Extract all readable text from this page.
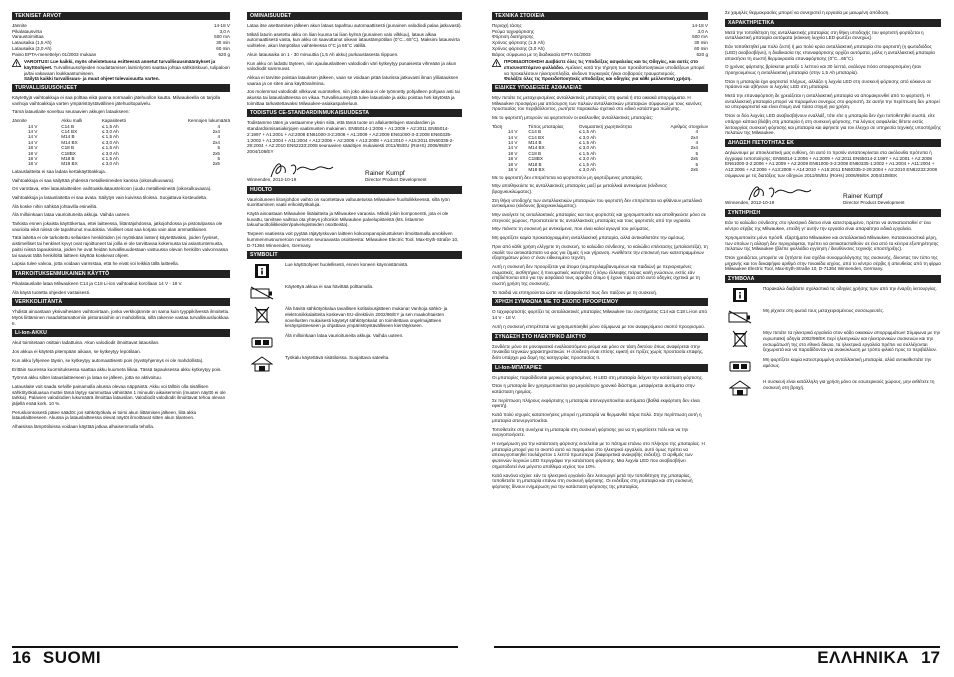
TEKNISET ARVOT
Jännite	14-18 V
Pikalatausvirta	3,0 A
Varaustoimittaa	500 mA
Latausaika (1,5 Ah)	30 min
Latausaika (3,0 Ah)	60 min
Paino EPTA-menettelyn 01/2003 mukaan	620 g
VAROITUS! Lue kaikki, myös oheistetussa esitteessä annetut turvallisuusmääräykset ja käyttöohjeet. Turvallisuusohjeiden noudattamisen laiminlyönti saattaa johtaa sähköiskuun, tulipaloon ja/tai vakavaan loukkaantumiseen.
Säilytä kaikki turvallisuus- ja muut ohjeet tulevaisuutta varten.
TURVALLISUUSOHJEET

Käytettyjä vaihtoakkuja ei saa polttaa eikä panna normaalin jätehuollon kautta. Milwaukeella on tarjolla vanhoja vaihtoakkuja varten ympäristöystävällinen jätehuoltopalvelu.

Tämä latauslaite soveltuu seuraavien akkujen lataukseen:

Jännite	Akku malli	Kapasiteetti	Kennojen lukumäärä
14 V	C14 B	≤ 1,5 Ah	4
14 V	C14 BX	≤ 3,0 Ah	2x4
14 V	M14 B	≤ 1,5 Ah	4
14 V	M14 BX	≤ 3,0 Ah	2x4
18 V	C18 B	≤ 1,5 Ah	5
18 V	C18BX	≤ 3,0 Ah	2x5
18 V	M18 B	≤ 1,5 Ah	5
18 V	M18 BX	≤ 3,0 Ah	2x5

Latauslaitteita ei saa ladata kertakäyttöakkuja.

Vaihtoakkuja ei saa säilyttää yhdessä metalliesineiden kanssa (oikosulkuvaara).

On varottava, ettei latauslaitteiden vaihtoakkulataustelcoon (uudu metalliesineitä (oikosulkuvaara).

Vaihtoakkuja ja latauslaitetta ei saa avata. Säilytys vain kuivissa tiloissa. Suojattava kosteudelta.

Älä koske nihin sähköä johtavilla esineillä.

Älä milloinkaan lataa vaurioituneita akkuja. Vaihda uuteen.

Tarkista ennen jokaista käyttökertaa, ettei laitteessa, liitäntäjohdossa, jatkojohdossa ja pistotulpassa ole vaurioita eikä niissä ole tapahtunut muutoksia. Vialliset osat saa korjata vain alan ammattilainen.

Tätä laitetta ei ole tarkoitettu sellaisten henkilöiden (ei myöskään lasten) käytettäväksi, joiden fyysiset, aistimelliset tai henkiset kyvyt ovat rajoittuneet tai joilla ei ole tarvittavaa kokemusta tai asiantuntemusta, paitsi niissä tapauksissa, joiden he ovat heidän turvallisuudestaan vastuussa olevan henkilön valvonnassa tai saavat tältä henkilöltä laitteen käyttöä koskevat ohjeet.

Lapsia tulee valvoa, jotta voidaan varmistaa, että he eivät voi leikkiä tällä laitteella.

TARKOITUKSENMUKAINEN KÄYTTÖ

Pikalatauslaite lataa Milwaukeen C14 ja C18 Li-ion vaihtoakut korollaan 14 V - 18 V.

Älä käytä tuotetta ohjeiden vastaisesti.

VERKKOLIITÄNTÄ

Yhdistä ainoastaan yksivaihesäen vaihtovirtaan, jonka verkkojännite on sama kuin tyyppikilvessä ilmoitettu. Myös liittäminen maadoittamattomiin pistorasioihin on mahdollista, sillä rakenne vastaa turvallisuusluokkaa II.

Li-ion-AKKU

Akut toimitetaan osittain ladattuina. Akun valodiodit ilmoittavat latausilan.

Jos akkua ei käytetä pitempään aikaan, se kytkeytyy lepotilaan.

Kun akku lyhjenee täysin, se kytkeytyy automaattisesti pois (syvätyhjennys ei ole mahdollista).

Erittäin suuressa kuormituksessa saattaa akku kuumeta liikaa. Tässä tapauksessa akku kytkeytyy pois.

Työnnä akku silten latauslaitteeseen ja lataa se jälleen, jotta se aktivoituu.

Latauslaite voit saada selville painamalla akussa olevaa näppäintä. Akku voi tällöin olla sisällisen sähkötyökaluasua muttei tämä läytyy sammuttaa vähintään 1 minuutin aikaisemmin (muuten näyttö ei ole tarkka). Palavien valodiodien lukumäärä ilmoittaa latausilan. Valodiodit valodiodit ilmoittavat tehoa olevan jäljellä enää kork. 10 %.

Perusluontoisesti pätee säädöt: jos sähkötyökalu ei toimi akun liittämisen jälkeen, liitä akku latauslaitteeseen. Akussa ja latauslaitteessa olevat näytöt ilmoittavat sitten akun tilanteen.

Alhaisissa lämpötiloissa voidaan käyttää jatkaa alhaisemmalla teholla.

OMINAISUUDET

Lataa itse asettamisen jälkeen akun lataus tapahtuu automaattisesti (punainen valodiodi palaa jatkuvasti).

Mikäli laturin asetettu akku on liian kuuma tai liian kylmä (punainen valo vilkkuu), lataus alkaa automaattisesti vasta, kun akku on saavuttanut oikean lataustämpötilan (0°C...65°C). Maksimi latausvirta vaihtelee, akun lämpötilan vaihteleessa 0°C ja 65°C välillä.

Akun latausaika on 1 - 30 minuuttia (1,5 Ah akku) purkaustasesta riippuen.

Kun akku on ladattu täyteen, niin ajaulauslaitteen valodiodin väri kytkeytyy punaisesta vihreään ja akun valodiodit sammuvat.

Akkua ei tarvitse poistaa latauksen jälkeen, vaan se voidaan pitää laturissa jatkuvasti ilman yliliatauksen vaaraa ja on siten aina käyttövalmiina.

Jos molemmat valodiodit vilkkuvat vuorotellen, niin joko akkua ei ole työnnetty pohjalleen pohjaan asti tai akussa tai latauslaitteessa on vikaa. Turvallisuussyistä tulee latauslaite ja akku poistaa heti käytöstä ja toimittaa tarkastettavaksi Milwaukee-asiakaspalveluun.

TODISTUS CE-STANDARDINMUKAISUUDESTA

Todistamme täten ja vastaamme yksin siitä, että tämä tuote on allaluetteltujen standardien ja standardoimisasiakirjojen vaatimusten mukainen. EN55014-1:2006 + A1:2009 + A2:2011 EN55014-2:1997 + A1:2001 + A2:2008 EN61000-3-2:2006 + A1:2009 + A2:2009 EN61000-3-3:2008 EN60335-1:2002 + A1:2004 + A11:2004 + A12:2006 + A2:2006 + A13:2008 + A14:2010 + A15:2011 EN60335-2-29:2004 + A2:2010 EN62233:2008 seuraavien säädöjen mukaisesti 2011/65/EU (RoHS) 2006/95/EY 2004/108/EY

Rainer Kumpf
Director Product Development
Winnenden, 2012-10-19
HUOLTO

Vaurioituneen liitosjohdon vaihto on suoritettava valtuutetussa Milwaukee huoltoliikkeessä, sillä työn suorittaminen vaatii erikoistyökaluja.

Käytä ainoastaan Milwaukee lisälaitteita ja Milwaukee varaosia. Mikäli jokin komponentti, jota ei ole kuvattu, tarvitsee vaihtoa ota yhteys johonkin Milwaukee palvelupisteistä (kts. listamme takuuhuoltoliikkeiden/palvelupisteiden osoitteista).

Tarpeen vaatiessa voit pyytää räjäytyskuvan laitteen kokoonpanopiirustuksen ilmoittamalla arvokilven kummenmusnumeroon numeron seuraavasta osoitteesta: Milwaukee Electric Tool, Max-Eyth-Straße 10, D-71364 Winnenden, Germany.

SYMBOLIT
Lue käyttöohjeet huolellisesti, ennen koneen käynnistämistä.
Käytettyä akkua ei saa hävittää polttamalla.
Älä hävitä sähkötyökalua tavallisen kotitalousjätteen mukana! Vanhoja sähkö- ja elektroniikkalaitteita koskevan EU-direktiivin 2002/96/EY ja sen maakohtaisten sovellusten mukaisesti käytetyt sähkötyökalut on toimitettava ongelmajätteen keräyspisteeseen ja ohjattava ympäristöystävälliseen kierrätykseen.
Älä milloinkaan lataa vaurioituneita akkuja. Vaihda uuteen.
Työkalu käytettävä sisätiloissa. Suojattava sateelta.
ΤΕΧΝΙΚΑ ΣΤΟΙΧΕΙΑ
Περιοχή τάσης	14-18 V
Ρεύμα ταχυφόρτισης	3,0 A
Φόρτιση διατήρησης	500 mA
Χρόνος φόρτισης (1,5 Ah)	30 min
Χρόνος φόρτισης (3,0 Ah)	60 min
Βάρος σύμφωνα με τη διαδικασία EPTA 01/2003	620 g
ΠΡΟΕΙΔΟΠΟΙΗΣΗ! Διαβάστε όλες τις Υποδείξεις ασφαλείας και τις Οδηγίες, και αυτές στο επισυναπτόμενο φυλλάδιο. Αμέλειες κατά την τήρηση των προειδοποιητικών υποδείξεων μπορεί να προκαλέσουν ηλεκτροπληξία, κίνδυνο πυρκαγιάς ή/και σοβαρούς τραυματισμούς.
Φυλάξτε όλες τις προειδοποιητικές υποδείξεις και οδηγίες για κάθε μελλοντική χρήση.
ΕΙΔΙΚΕΣ ΥΠΟΔΕΙΞΕΙΣ ΑΣΦΑΛΕΙΑΣ

Μην πετάτε τις μεταχειρισμένες ανταλλακτικές μπαταρίες στη φωτιά ή στα οικιακά απορρίμματα. Η Milwaukee προσφέρει μια απόσυρση των παλιών ανταλλακτικών μπαταριών σύμφωνα με τους κανόνες προστασίας του περιβάλλοντος, ρωτήστε παρακαλώ σχετικά στο ειδικό κατάστημα πώλησης.

Με το φορτιστή μπορούν να φορτιστούν οι ακόλουθες ανταλλακτικές μπαταρίες:

Τάση	Τύπος μπαταρίας	Ονομαστική χωρητικότητα	Αριθμός στοιχείων
14 V	C14 B	≤ 1,5 Ah	4
14 V	C14 BX	≤ 3,0 Ah	2x4
14 V	M14 B	≤ 1,5 Ah	4
14 V	M14 BX	≤ 3,0 Ah	2x4
18 V	C18 B	≤ 1,5 Ah	5
18 V	C18BX	≤ 3,0 Ah	2x5
18 V	M18 B	≤ 1,5 Ah	5
18 V	M18 BX	≤ 3,0 Ah	2x5

Με το φορτιστή δεν επιτρέπεται να φορτιστούν μη φορτιζόμενες μπαταρίες.

Μην αποθηκεύετε τις ανταλλακτικές μπαταρίες μαζί με μεταλλικά αντικείμενα (κίνδυνος βραχυκυκλώματος).

Στη θήκη υποδοχής των ανταλλακτικών μπαταριών του φορτιστή δεν επιτρέπεται να φθάνουν μεταλλικά αντικείμενα (κίνδυνος βραχυκυκλώματος).

Μην ανοίγετε τις ανταλλακτικές μπαταρίες και τους φορτιστές και χρησιμοποιείτε και αποθηκεύετε μόνο σε στεγνούς χώρους. Προστατεύετε τις ανταλλακτικές μπαταρίες και τους φορτιστές από την υγρασία.

Μην πιάνετε τη συσκευή με αντικείμενα, που είναι καλοί αγωγοί του ρεύματος.

Μη φορτίζετε καμία προκαταγραμμένη ανταλλακτική μπαταρία, αλλά αντικαθιστάτε την αμέσως.

Πριν από κάθε χρήση ελέγχετε τη συσκευή, το καλώδιο σύνδεσης, το καλώδιο επέκτασης (μπαλαντέζα), τη σκαλίτ του αντικατάστατο να φας για ζημιές ή και γήρανση. Αναθέτετε την επισκευή των κατεστραμμένων εξαρτημάτων μόνο σ' έναν ειδικευμένο τεχνίτη.

Αυτή η συσκευή δεν προορίζεται για άτομα (συμπεριλαμβανομένων και παιδιών) με περιορισμένες σωματικές, αισθητήριες ή πνευματικές ικανότητες ή λόγω έλλειψης πείρας και/ή γνώσεων, εκτός εάν επιβλέπονται από για την ασφάλειά τους αρμόδιο άτομο ή έχουν πάρει από αυτό οδηγίες σχετικά με τη σωστή χρήση της συσκευής.

Τα παιδιά να επιτηρούνται ώστε να εξασφαλιστεί πως δεν παίζουν με τη συσκευή.

ΧΡΗΣΗ ΣΥΜΦΩΝΑ ΜΕ ΤΟ ΣΚΟΠΟ ΠΡΟΟΡΙΣΜΟΥ

Ο ταχυφορτιστής φορτίζει τις ανταλλακτικές μπαταρίες Milwaukee του συστήματος C14 και C18 Li-ion από 14 V - 18 V.

Αυτή η συσκευή επιτρέπεται να χρησιμοποιηθεί μόνο σύμφωνα με τον αναφερόμενο σκοπό προορισμού.

ΣΥΝΔΕΣΗ ΣΤΟ ΗΛΕΚΤΡΙΚΟ ΔΙΚΤΥΟ

Συνδέετε μόνο σε μονοφασικό εναλλασσόμενο ρεύμα και μόνο σε τάση δικτύου όπως αναφέρεται στην πινακίδα τεχνικών χαρακτηριστικών. Η σύνδεση είναι επίσης εφικτή σε πρίζες χωρίς προστασία επαφής, διότι υπάρχει μια δομή της κατηγορίας προστασίας II.

Li-Ion-ΜΠΑΤΑΡΙΕΣ

Οι μπαταρίες παραδίδονται μερικώς φορτισμένες. Η LED στη μπαταρία δείχνει την κατάσταση φόρτισης.

Όταν η μπαταρία δεν χρησιμοποιείται για μεγαλύτερο χρονικό διάστημα, μεταφέρεται αυτόματα στην κατάσταση ηρεμίας.

Σε περίπτωση πλήρους εκφόρτισης η μπαταρία απενεργοποιείται αυτόματα (βαθιά εκφόρτιση δεν είναι εφικτή).

Κατά πολύ ισχυρές καταπονήσεις μπορεί η μπαταρία να θερμανθεί πάρα πολύ. Στην περίπτωση αυτή η μπαταρία απενεργοποιείται.

Τοποθετείτε στη συνέχεια τη μπαταρία στη συσκευή φόρτισης για να τη φορτίσετε πάλι και να την ενεργοποιήσετε.

Η ενημέρωση για την κατάσταση φόρτισης εκτελείται με το πάτημα επάνω στο πλήκτρο της μπαταρίας. Η μπαταρία μπορεί για το σκοπό αυτό να παραμείνει στο ηλεκτρικό εργαλείο, αυτό όμως πρέπει να απενεργοποιηθεί τουλάχιστον 1 λεπτό πρωτύτερα (διαφορετικά ανακριβής ένδειξη). Ο αριθμός των φωτεινών λυχνιών LED περιγράφει την κατάσταση φόρτισης. Μια λυχνία LED που αναβοσβήνει σηματοδοτεί ένα μέγιστο απόθεμα ισχύος του 10%.

Κατά κανόνα ισχύει: εάν το ηλεκτρικό εργαλείο δεν λειτουργεί μετά την τοποθέτηση της μπαταρίας, τοποθετείτε τη μπαταρία επάνω στη συσκευή φόρτισης. Οι ενδείξεις στη μπαταρία και στη συσκευή φόρτισης δίνουν ενημέρωση για την κατάσταση φόρτισης της μπαταρίας.

Σε χαμηλές θερμοκρασίες μπορεί να συνεχιστεί η εργασία με μειωμένη απόδοση.

ΧΑΡΑΚΤΗΡΙΣΤΙΚΑ

Μετά την τοποθέτηση της ανταλλακτικής μπαταρίας στη θήκη υποδοχής του φορτιστή φορτίζεται η ανταλλακτική μπαταρία αυτόματα (κόκκινη λυχνία LED φωτίζει συνεχώς).

Εάν τοποθετηθεί μια πολύ ζεστή ή μια πολύ κρύα ανταλλακτική μπαταρία στο φορτιστή (η φωτοδιόδος (LED) αναβοσβήνει), η διαδικασία της επαναφόρτισης αρχίζει αυτόματα, μόλις η ανταλλακτική μπαταρία αποκτήσει τη σωστή θερμοκρασία επαναφόρτισης (0°C...65°C).

Ο χρόνος φόρτισης βρίσκεται μεταξύ 1 λεπτού και 30 λεπτά, ανάλογα πόσο αποφορτισμένη ήταν προηγουμένως η ανταλλακτική μπαταρία (στην 1,5 Ah μπαταρία).

Όταν η μπαταρία έχει φορτιστεί πλήρως, αλλάζει η λυχνία LED στη συσκευή φόρτισης από κόκκινο σε πράσινο και σβήνουν οι λυχνίες LED στη μπαταρία.

Μετά την επαναφόρτιση δε χρειάζεται η ανταλλακτική μπαταρία να απομακρυνθεί από το φορτιστή. Η ανταλλακτική μπαταρία μπορεί να παραμείνει συνεχώς στο φορτιστή. Σε αυτήν την περίπτωση δεν μπορεί να υπερφορτιστεί και είναι έτοιμη ανά πάσα στιγμή για χρήση.

Όταν οι δύο λυχνίες LED αναβοσβήνουν εναλλάξ, τότε είτε η μπαταρία δεν έχει τοποθετηθεί σωστά, είτε υπάρχει κάποια βλάβη στη μπαταρία ή στη συσκευή φόρτισης. Για λόγους ασφαλείας θέτετε εκτός λειτουργίας συσκευή φόρτισης και μπαταρία και αφήνετε για τον έλεγχο σε υπηρεσία τεχνικής υποστήριξης πελατών της Milwaukee.

ΔΗΛΩΣΗ ΠΙΣΤΟΤΗΤΑΣ ΕΚ

Δηλώνουμε με αποκλειστική μας ευθύνη, ότι αυτό το προϊόν ανταποκρίνεται στα ακόλουθα πρότυπα ή έγγραφα τυποποίησης: EN55014-1:2006 + A1:2009 + A2:2011 EN55014-2:1997 + A1:2001 + A2:2008 EN61000-3-2:2006 + A1:2009 + A2:2009 EN61000-3-3:2008 EN60335-1:2002 + A1:2004 + A11:2004 + A12:2006 + A2:2006 + A13:2008 + A14:2010 + A15:2011 EN60335-2-29:2004 + A2:2010 EN62233:2008 σύμφωνα με τις διατάξεις των οδηγιών 2011/65/EU (RoHs) 2006/95/ΕΚ 2004/108/ΕΚ

Rainer Kumpf
Director Product Development
Winnenden, 2012-10-19
ΣΥΝΤΗΡΗΣΗ

Εάν το καλώδιο σύνδεσης στο ηλεκτρικό δίκτυο είναι κατεστραμμένο, πρέπει να αντικατασταθεί σ' ένα κέντρο σέρβις της Milwaukee, επειδή γι' αυτήν την εργασία είναι απαραίτητα ειδικά εργαλεία.

Χρησιμοποιείτε μόνο πρόσθ. εξαρτήματα Milwaukee και ανταλλακτικά Milwaukee. Κατασκευαστικά μέρη, των οποίων η αλλαγή δεν περιγράφεται, πρέπει να αντικατασταθούν σε ένα από τα κέντρα εξυπηρέτησης πελατών της Milwaukee (βλέπε φυλλάδιο εγγύηση / διευθύνσεις τεχνικής υποστήριξης).

Όταν χρειάζεται, μπορείτε να ζητήσετε ένα σχέδιο συναρμολόγησης της συσκευής, δίνοντας τον τύπο της μηχανής και τον δεκαψήφιο αριθμό στην πινακίδα ισχύος, από το κέντρο σέρβις ή απευθείας από τη φίρμα Milwaukee Electric Tool, Max-Eyth-Straße 10, D-71364 Winnenden, Germany.

ΣΥΜΒΟΛΑ
Παρακαλώ διαβάστε σχολαστικά τις οδηγίες χρήσης πριν από την έναρξη λειτουργίας.
Μη ρίχνετε στη φωτιά τους μεταχειρισμένους συσσωρευτές.
Μην πετάτε τα ηλεκτρικά εργαλεία στον κάδο οικιακών απορριμμάτων! Σύμφωνα με την ευρωπαϊκή οδηγία 2002/96/ΕΚ περί ηλεκτρικών και ηλεκτρονικών συσκευών και την ενσωμάτωσή της στο εθνικό δίκαιο, τα ηλεκτρικά εργαλεία πρέπει να συλλέγονται ξεχωριστά και να παραδίδονται για ανακύκλωση με τρόπο φιλικό προς το περιβάλλον.
Μη φορτίζετε καμία κατεστραμμένη ανταλλακτική μπαταρία, αλλά αντικαθιστάτε την αμέσως.
Η συσκευή είναι κατάλληλη για χρήση μόνο σε εσωτερικούς χώρους, μην εκθέτετε τη συσκευή στη βροχή.
16 SUOMI	ΕΛΛΗΝΙΚΑ 17
